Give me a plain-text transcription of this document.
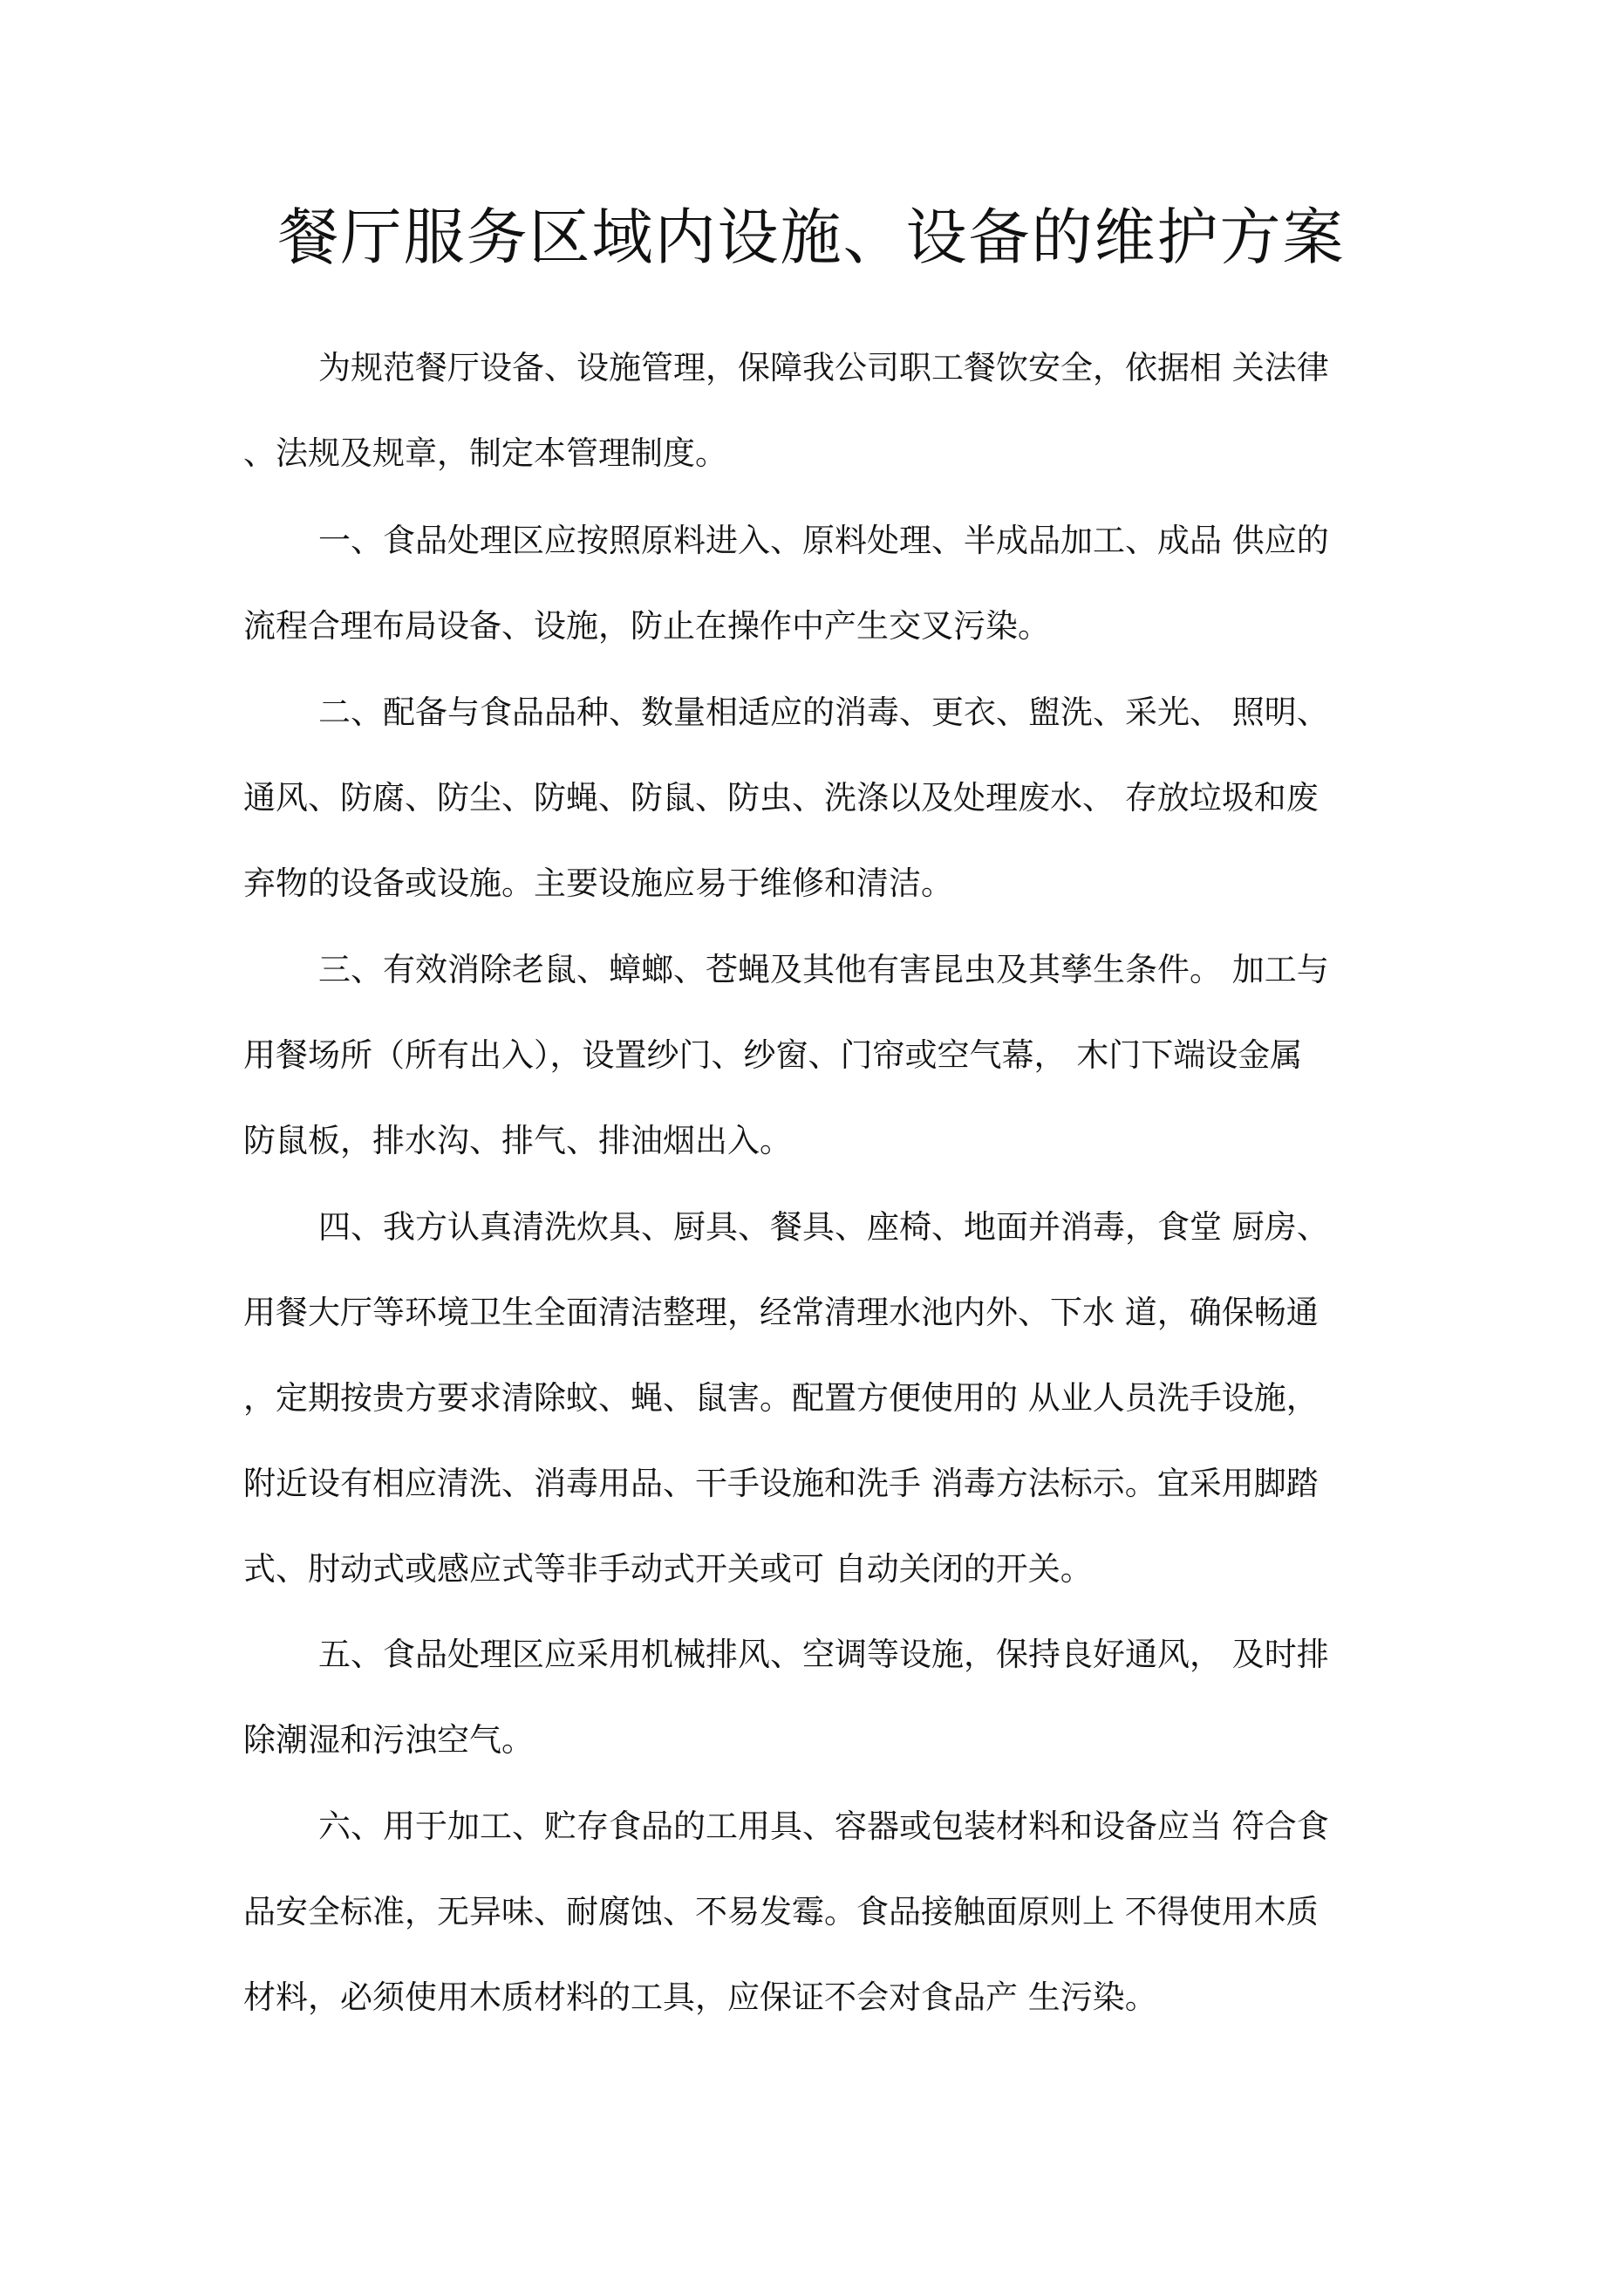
餐厅服务区域内设施、设备的维护方案
为规范餐厅设备、设施管理，保障我公司职工餐饮安全，依据相 关法律
、法规及规章，制定本管理制度。
一、食品处理区应按照原料进入、原料处理、半成品加工、成品 供应的
流程合理布局设备、设施，防止在操作中产生交叉污染。
二、配备与食品品种、数量相适应的消毒、更衣、盥洗、采光、 照明、
通风、防腐、防尘、防蝇、防鼠、防虫、洗涤以及处理废水、 存放垃圾和废
弃物的设备或设施。主要设施应易于维修和清洁。
三、有效消除老鼠、蟑螂、苍蝇及其他有害昆虫及其孳生条件。 加工与
用餐场所（所有出入），设置纱门、纱窗、门帘或空气幕， 木门下端设金属
防鼠板，排水沟、排气、排油烟出入。
四、我方认真清洗炊具、厨具、餐具、座椅、地面并消毒，食堂 厨房、
用餐大厅等环境卫生全面清洁整理，经常清理水池内外、下水 道，确保畅通
，定期按贵方要求清除蚊、蝇、鼠害。配置方便使用的 从业人员洗手设施，
附近设有相应清洗、消毒用品、干手设施和洗手 消毒方法标示。宜采用脚踏
式、肘动式或感应式等非手动式开关或可 自动关闭的开关。
五、食品处理区应采用机械排风、空调等设施，保持良好通风， 及时排
除潮湿和污浊空气。
六、用于加工、贮存食品的工用具、容器或包装材料和设备应当 符合食
品安全标准，无异味、耐腐蚀、不易发霉。食品接触面原则上 不得使用木质
材料，必须使用木质材料的工具，应保证不会对食品产 生污染。
